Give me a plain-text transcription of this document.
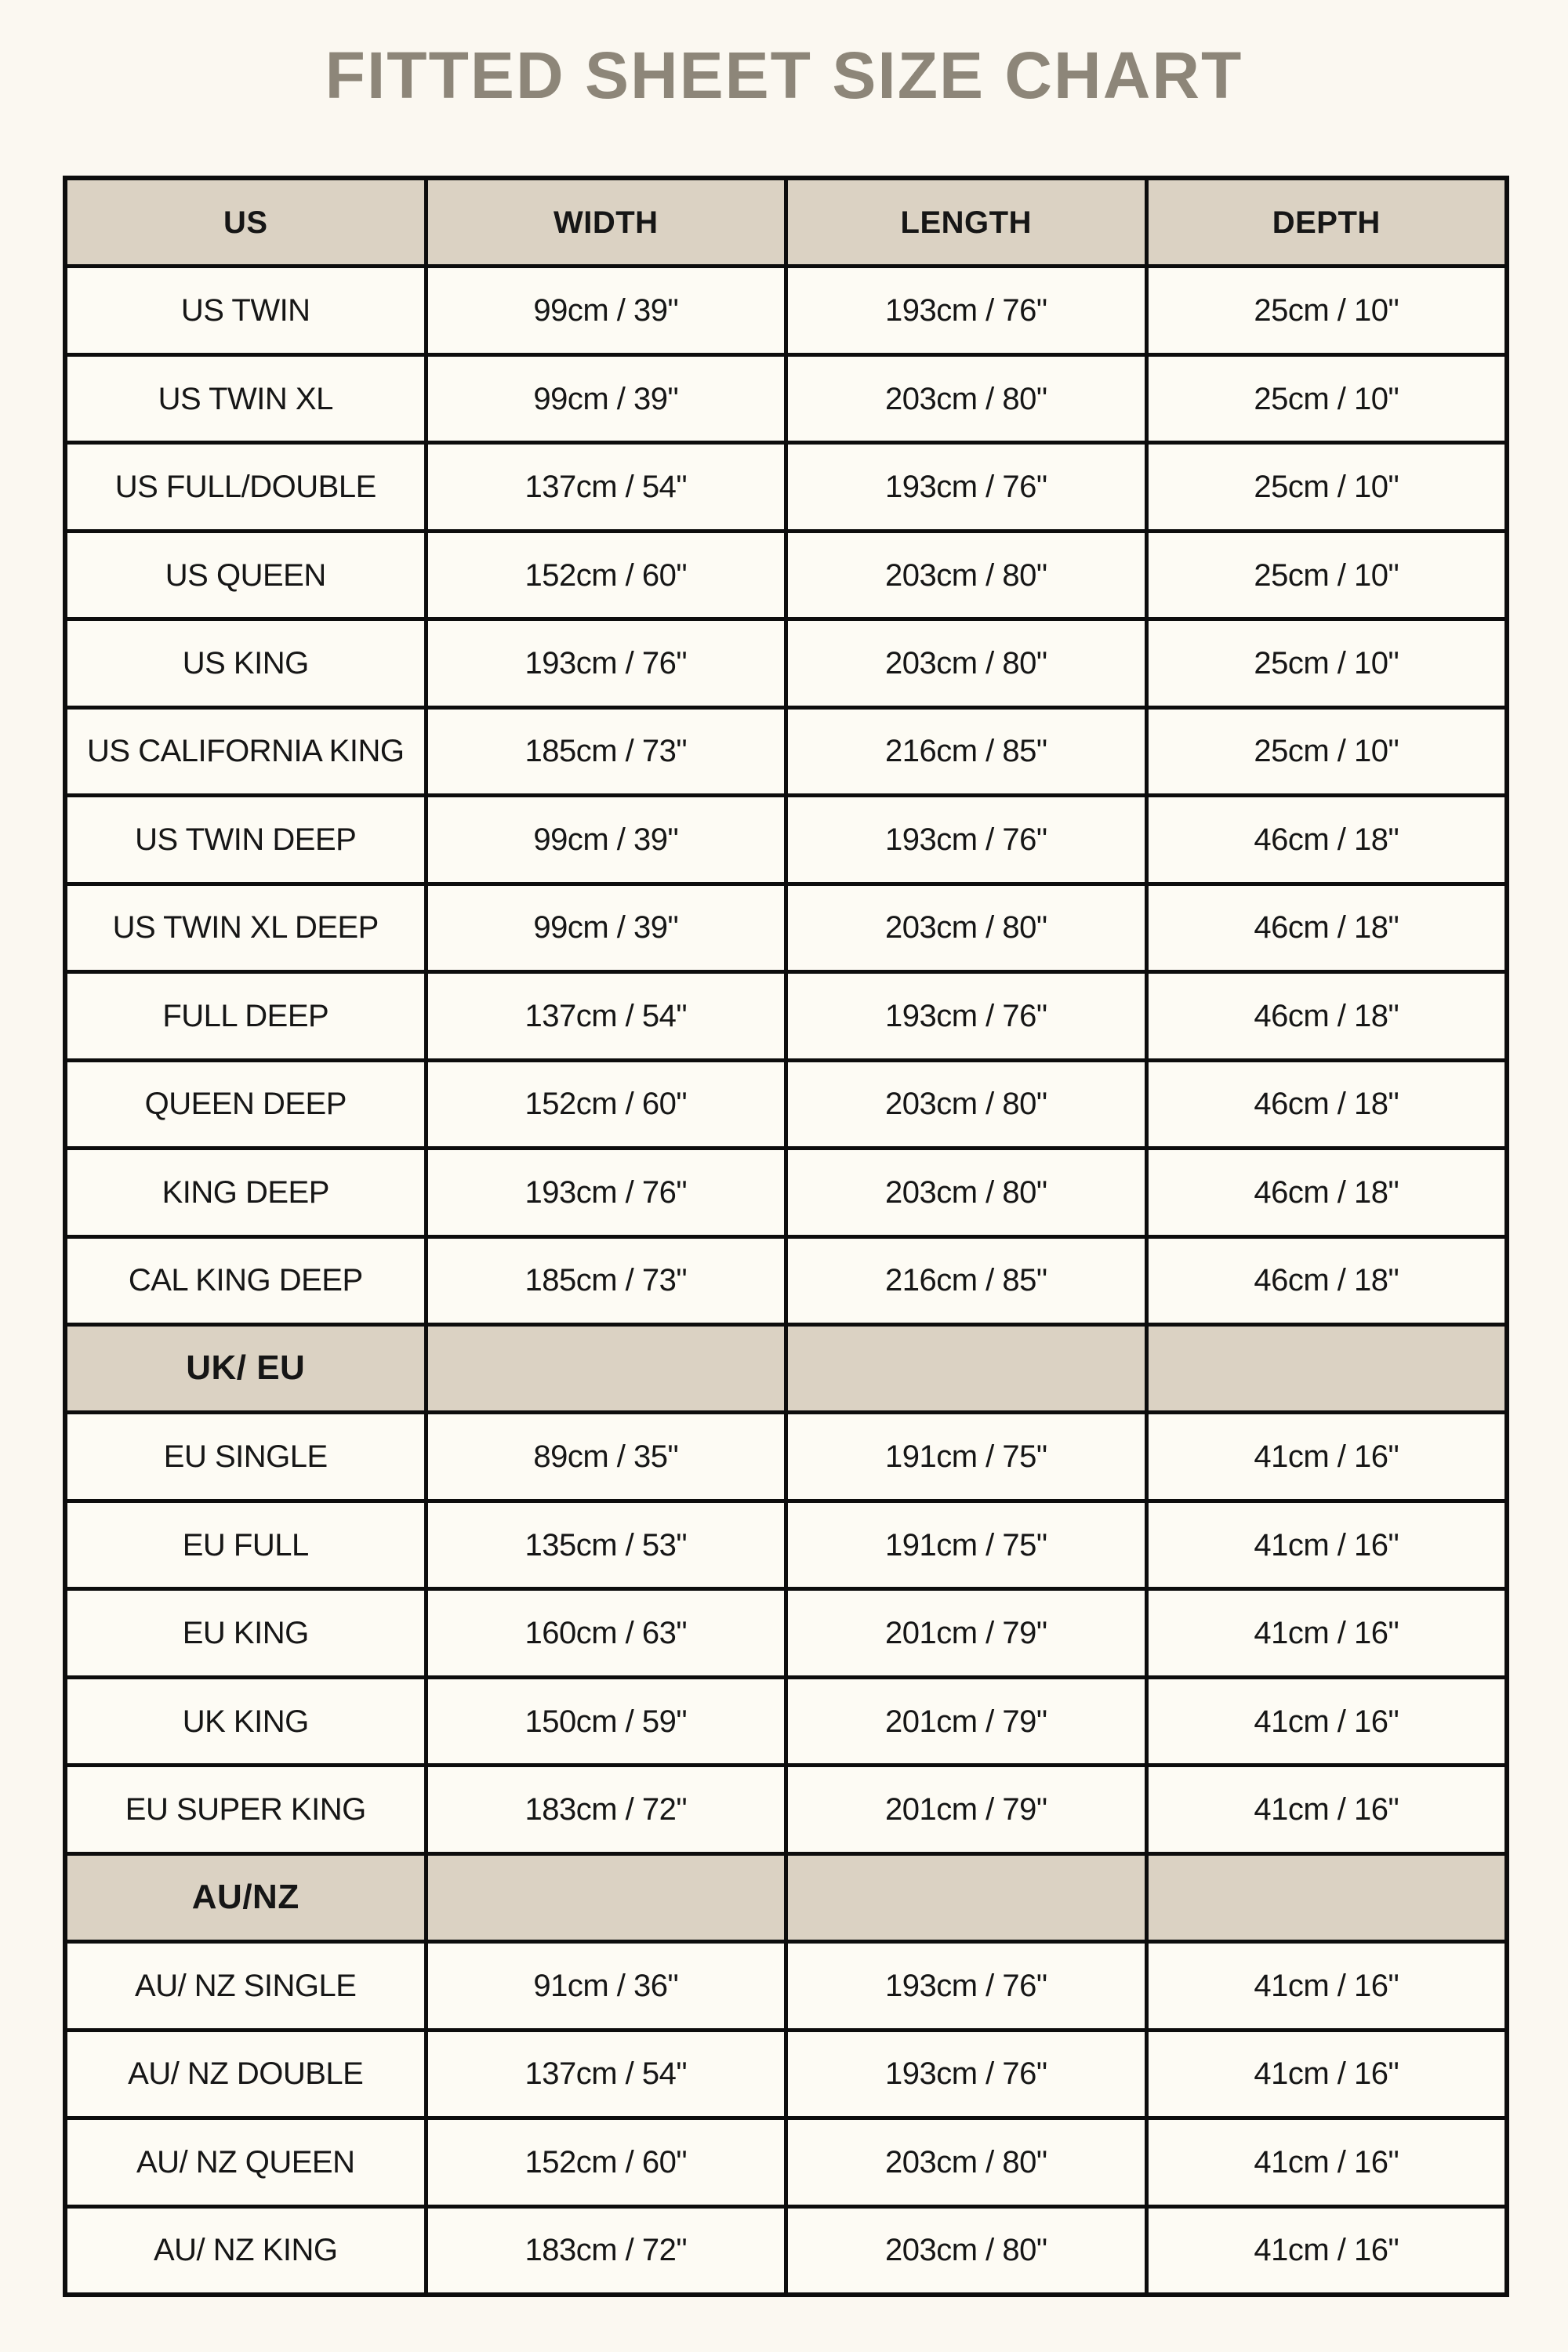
FITTED SHEET SIZE CHART
US	WIDTH	LENGTH	DEPTH
US TWIN	99cm / 39"	193cm / 76"	25cm / 10"
US TWIN XL	99cm / 39"	203cm / 80"	25cm / 10"
US FULL/DOUBLE	137cm / 54"	193cm / 76"	25cm / 10"
US QUEEN	152cm / 60"	203cm / 80"	25cm / 10"
US KING	193cm / 76"	203cm / 80"	25cm / 10"
US CALIFORNIA KING	185cm / 73"	216cm / 85"	25cm / 10"
US TWIN DEEP	99cm / 39"	193cm / 76"	46cm / 18"
US TWIN XL DEEP	99cm / 39"	203cm / 80"	46cm / 18"
FULL DEEP	137cm / 54"	193cm / 76"	46cm / 18"
QUEEN DEEP	152cm / 60"	203cm / 80"	46cm / 18"
KING DEEP	193cm / 76"	203cm / 80"	46cm / 18"
CAL KING DEEP	185cm / 73"	216cm / 85"	46cm / 18"
UK/ EU
EU SINGLE	89cm / 35"	191cm / 75"	41cm / 16"
EU FULL	135cm / 53"	191cm / 75"	41cm / 16"
EU KING	160cm / 63"	201cm / 79"	41cm / 16"
UK KING	150cm / 59"	201cm / 79"	41cm / 16"
EU SUPER KING	183cm / 72"	201cm / 79"	41cm / 16"
AU/NZ
AU/ NZ SINGLE	91cm / 36"	193cm / 76"	41cm / 16"
AU/ NZ DOUBLE	137cm / 54"	193cm / 76"	41cm / 16"
AU/ NZ QUEEN	152cm / 60"	203cm / 80"	41cm / 16"
AU/ NZ KING	183cm / 72"	203cm / 80"	41cm / 16"
